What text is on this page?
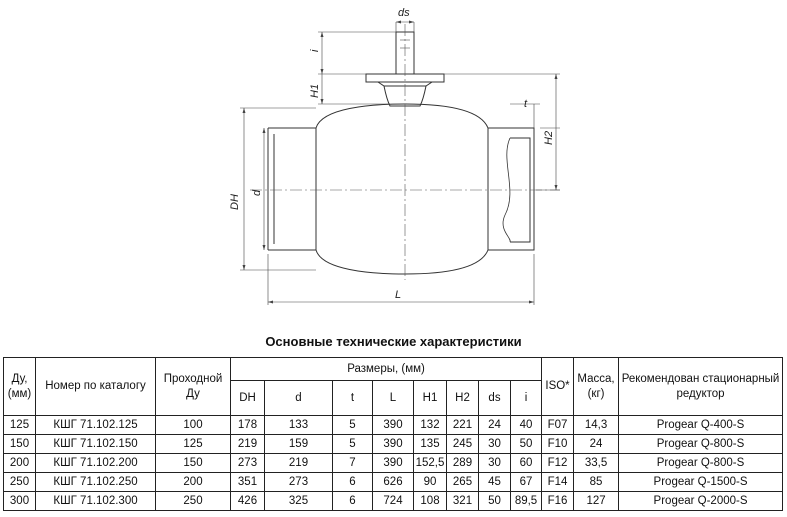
ds
i
H1
t
H2
DH
d
L
Основные технические характеристики
Ду, (мм)	Номер по каталогу	Проходной Ду	Размеры, (мм)								ISO*	Масса, (кг)	Рекомендован стационарный редуктор
			DH	d	t	L	H1	H2	ds	i			
125	КШГ 71.102.125	100	178	133	5	390	132	221	24	40	F07	14,3	Progear Q-400-S
150	КШГ 71.102.150	125	219	159	5	390	135	245	30	50	F10	24	Progear Q-800-S
200	КШГ 71.102.200	150	273	219	7	390	152,5	289	30	60	F12	33,5	Progear Q-800-S
250	КШГ 71.102.250	200	351	273	6	626	90	265	45	67	F14	85	Progear Q-1500-S
300	КШГ 71.102.300	250	426	325	6	724	108	321	50	89,5	F16	127	Progear Q-2000-S
